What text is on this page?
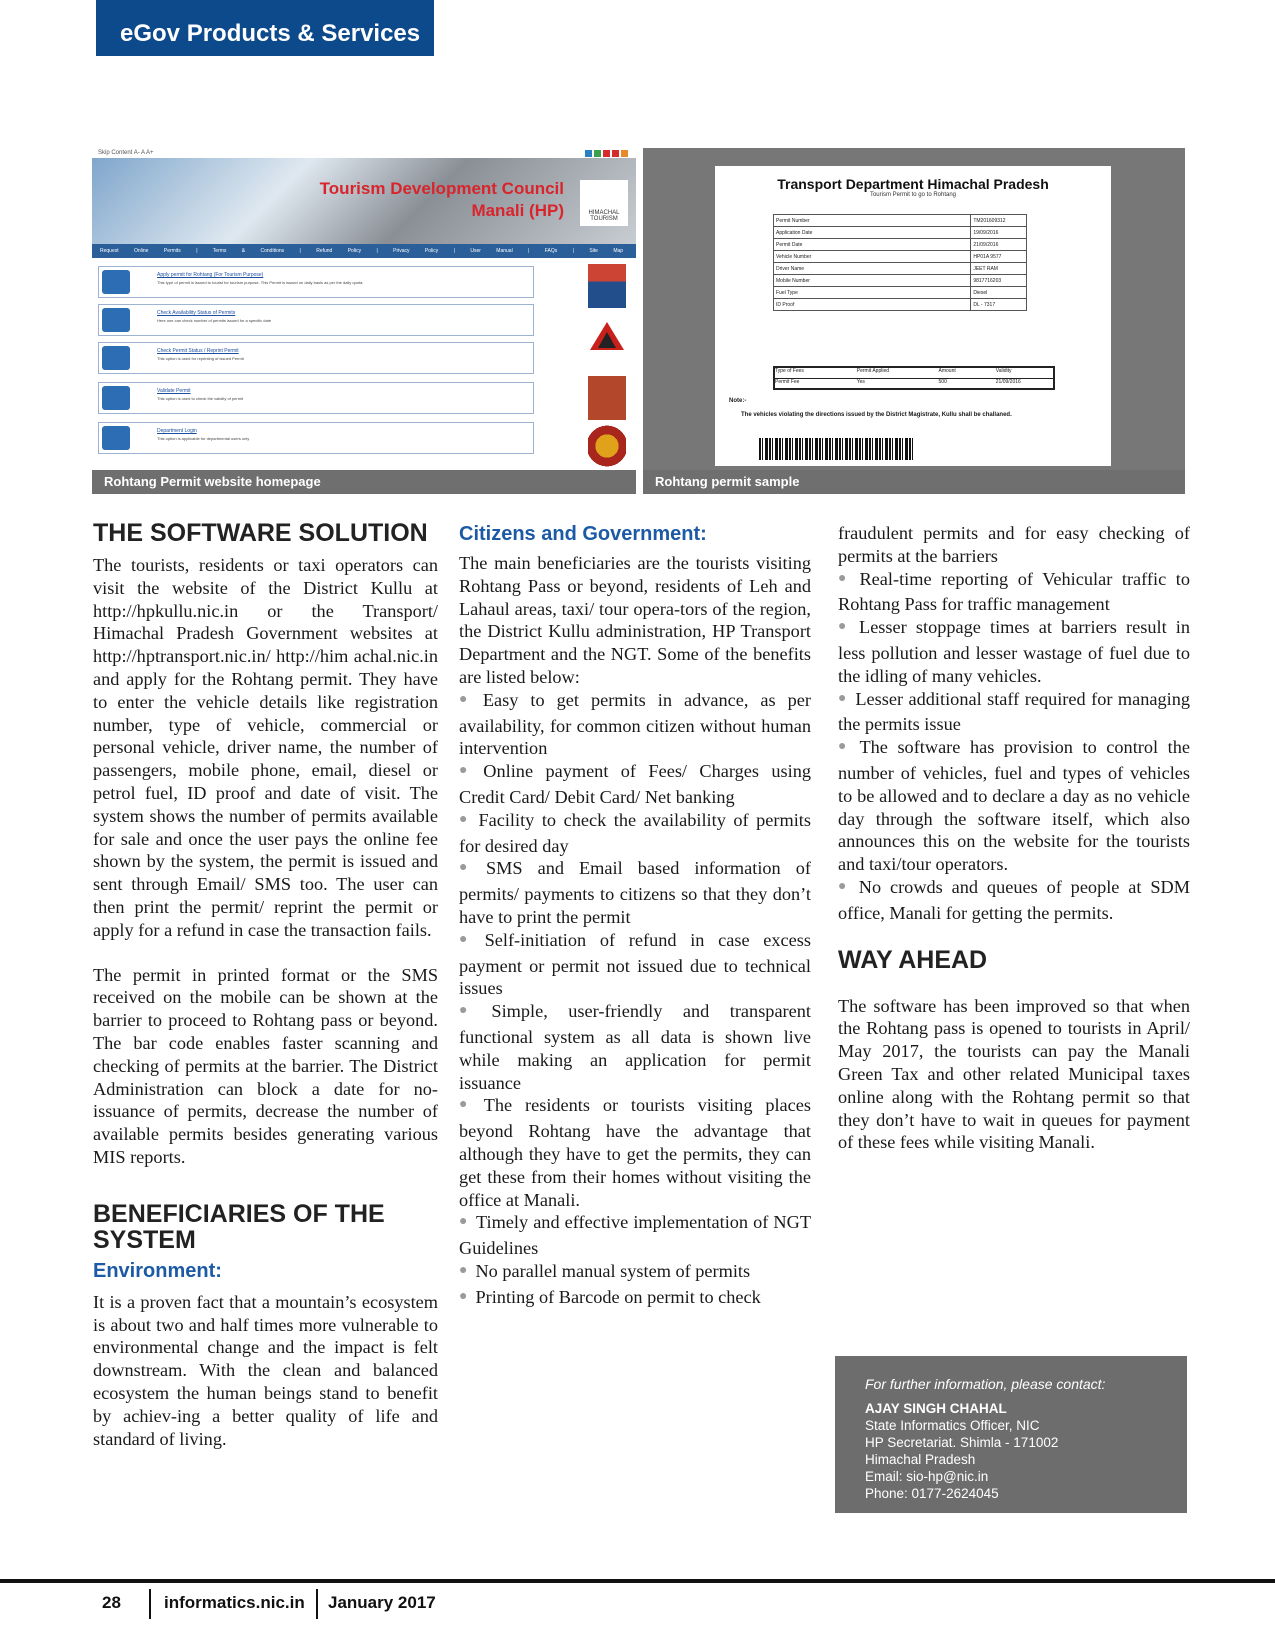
eGov Products & Services
Skip Content A- A A+
Tourism Development Council
Manali (HP)	HIMACHAL TOURISM
Request Online Permits | Terms & Conditions | Refund Policy | Privacy Policy | User Manual | FAQs | Site Map
Apply permit for Rohtang (For Tourism Purpose)
This type of permit is issued to tourist for tourism purpose. This Permit is issued on daily basis as per the daily quota.
Check Availability Status of Permits
Here one can check number of permits issued for a specific date
Check Permit Status / Reprint Permit
This option is used for reprinting of issued Permit
Validate Permit
This option is used to check the validity of permit
Department Login
This option is applicable for departmental users only
Rohtang Permit website homepage
Transport Department Himachal Pradesh
Tourism Permit to go to Rohtang
Permit Number	TM201609312
Application Date	19/09/2016
Permit Date	21/09/2016
Vehicle Number	HP01A 9577
Driver Name	JEET RAM
Mobile Number	9817716203
Fuel Type	Diesel
ID Proof	DL - 7317
Type of Fees	Permit Applied	Amount	Validity
Permit Fee	Yes	500	21/09/2016
Note:-
The vehicles violating the directions issued by the District Magistrate, Kullu shall be challaned.
Rohtang permit sample
THE SOFTWARE SOLUTION

The tourists, residents or taxi operators can visit the website of the District Kullu at http://hpkullu.nic.in or the Transport/ Himachal Pradesh Government websites at http://hptransport.nic.in/ http://him achal.nic.in and apply for the Rohtang permit. They have to enter the vehicle details like registration number, type of vehicle, commercial or personal vehicle, driver name, the number of passengers, mobile phone, email, diesel or petrol fuel, ID proof and date of visit. The system shows the number of permits available for sale and once the user pays the online fee shown by the system, the permit is issued and sent through Email/ SMS too. The user can then print the permit/ reprint the permit or apply for a refund in case the transaction fails.

The permit in printed format or the SMS received on the mobile can be shown at the barrier to proceed to Rohtang pass or beyond. The bar code enables faster scanning and checking of permits at the barrier. The District Administration can block a date for no-issuance of permits, decrease the number of available permits besides generating various MIS reports.

BENEFICIARIES OF THE SYSTEM
Environment:

It is a proven fact that a mountain’s ecosystem is about two and half times more vulnerable to environmental change and the impact is felt downstream. With the clean and balanced ecosystem the human beings stand to benefit by achiev-ing a better quality of life and standard of living.

Citizens and Government:

The main beneficiaries are the tourists visiting Rohtang Pass or beyond, residents of Leh and Lahaul areas, taxi/ tour opera-tors of the region, the District Kullu administration, HP Transport Department and the NGT. Some of the benefits are listed below:

● Easy to get permits in advance, as per availability, for common citizen without human intervention

● Online payment of Fees/ Charges using Credit Card/ Debit Card/ Net banking

● Facility to check the availability of permits for desired day

● SMS and Email based information of permits/ payments to citizens so that they don’t have to print the permit

● Self-initiation of refund in case excess payment or permit not issued due to technical issues

● Simple, user-friendly and transparent functional system as all data is shown live while making an application for permit issuance

● The residents or tourists visiting places beyond Rohtang have the advantage that although they have to get the permits, they can get these from their homes without visiting the office at Manali.

● Timely and effective implementation of NGT Guidelines

● No parallel manual system of permits

● Printing of Barcode on permit to check

fraudulent permits and for easy checking of permits at the barriers

● Real-time reporting of Vehicular traffic to Rohtang Pass for traffic management

● Lesser stoppage times at barriers result in less pollution and lesser wastage of fuel due to the idling of many vehicles.

● Lesser additional staff required for managing the permits issue

● The software has provision to control the number of vehicles, fuel and types of vehicles to be allowed and to declare a day as no vehicle day through the software itself, which also announces this on the website for the tourists and taxi/tour operators.

● No crowds and queues of people at SDM office, Manali for getting the permits.

WAY AHEAD

The software has been improved so that when the Rohtang pass is opened to tourists in April/ May 2017, the tourists can pay the Manali Green Tax and other related Municipal taxes online along with the Rohtang permit so that they don’t have to wait in queues for payment of these fees while visiting Manali.

For further information, please contact:
AJAY SINGH CHAHAL
State Informatics Officer, NIC
HP Secretariat. Shimla - 171002
Himachal Pradesh
Email: sio-hp@nic.in
Phone: 0177-2624045
28	informatics.nic.in January 2017
